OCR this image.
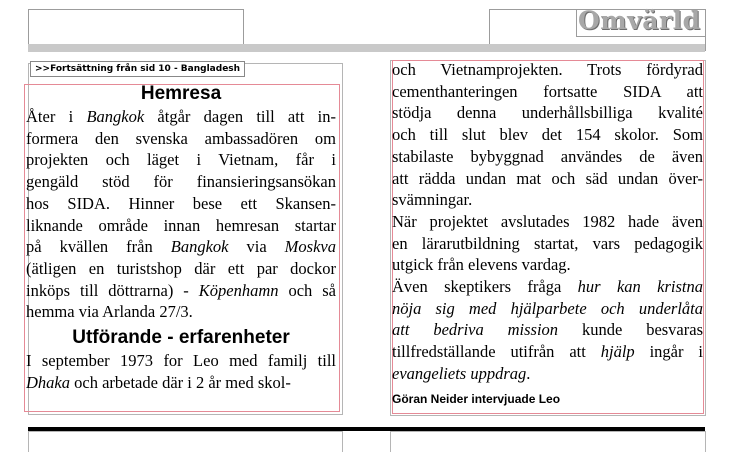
Omvärld
>>Fortsättning från sid 10 - Bangladesh

Hemresa

Åter i Bangkok åtgår dagen till att in-
formera den svenska ambassadören om
projekten och läget i Vietnam, får i
gengäld stöd för finansieringsansökan
hos SIDA. Hinner bese ett Skansen-
liknande område innan hemresan startar
på kvällen från Bangkok via Moskva
(ätligen en turistshop där ett par dockor
inköps till döttrarna) - Köpenhamn och så
hemma via Arlanda 27/3.

Utförande - erfarenheter

I september 1973 for Leo med familj till
Dhaka och arbetade där i 2 år med skol-
och Vietnamprojekten. Trots fördyrad
cementhanteringen fortsatte SIDA att
stödja denna underhållsbilliga kvalité
och till slut blev det 154 skolor. Som
stabilaste bybyggnad användes de även
att rädda undan mat och säd undan över-
svämningar.
När projektet avslutades 1982 hade även
en lärarutbildning startat, vars pedagogik
utgick från elevens vardag.
Även skeptikers fråga hur kan kristna
nöja sig med hjälparbete och underlåta
att bedriva mission kunde besvaras
tillfredställande utifrån att hjälp ingår i
evangeliets uppdrag.

Göran Neider intervjuade Leo
